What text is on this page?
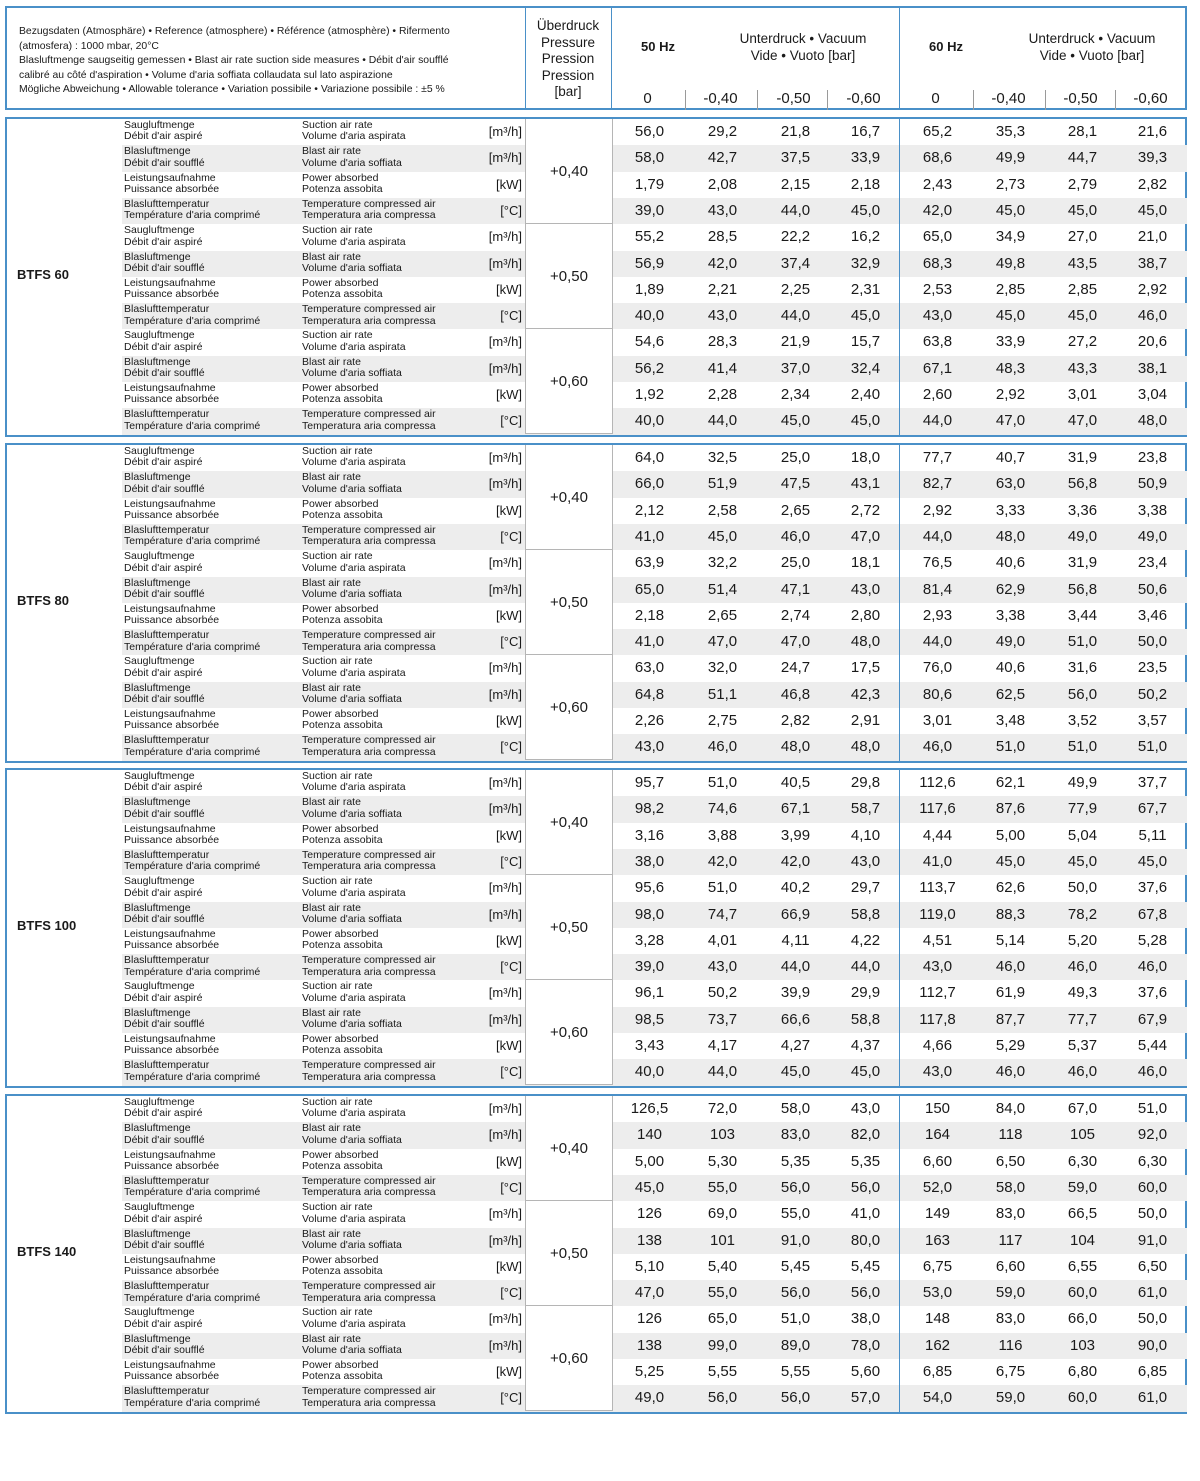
Bezugsdaten (Atmosphäre) • Reference (atmosphere) • Référence (atmosphère) • Rifermento
(atmosfera) : 1000 mbar, 20°C
Blasluftmenge saugseitig gemessen • Blast air rate suction side measures • Débit d'air soufflé
calibré au côté d'aspiration • Volume d'aria soffiata collaudata sul lato aspirazione
Mögliche Abweichung • Allowable tolerance • Variation possibile • Variazione possibile : ±5 %
Überdruck
Pressure
Pression
Pression
[bar]
50 Hz
Unterdruck • Vacuum
Vide • Vuoto [bar]
60 Hz
Unterdruck • Vacuum
Vide • Vuoto [bar]
0	-0,40	-0,50	-0,60	0	-0,40	-0,50	-0,60
BTFS 60
Saugluftmenge
Débit d'air aspiré
Suction air rate
Volume d'aria aspirata	[m³/h]	56,0	29,2	21,8	16,7	65,2	35,3	28,1	21,6
Blasluftmenge
Débit d'air soufflé
Blast air rate
Volume d'aria soffiata	[m³/h]	58,0	42,7	37,5	33,9	68,6	49,9	44,7	39,3
Leistungsaufnahme
Puissance absorbée
Power absorbed
Potenza assobita	[kW]	1,79	2,08	2,15	2,18	2,43	2,73	2,79	2,82
Blaslufttemperatur
Température d'aria comprimé
Temperature compressed air
Temperatura aria compressa	[°C]	39,0	43,0	44,0	45,0	42,0	45,0	45,0	45,0
+0,40
Saugluftmenge
Débit d'air aspiré
Suction air rate
Volume d'aria aspirata	[m³/h]	55,2	28,5	22,2	16,2	65,0	34,9	27,0	21,0
Blasluftmenge
Débit d'air soufflé
Blast air rate
Volume d'aria soffiata	[m³/h]	56,9	42,0	37,4	32,9	68,3	49,8	43,5	38,7
Leistungsaufnahme
Puissance absorbée
Power absorbed
Potenza assobita	[kW]	1,89	2,21	2,25	2,31	2,53	2,85	2,85	2,92
Blaslufttemperatur
Température d'aria comprimé
Temperature compressed air
Temperatura aria compressa	[°C]	40,0	43,0	44,0	45,0	43,0	45,0	45,0	46,0
+0,50
Saugluftmenge
Débit d'air aspiré
Suction air rate
Volume d'aria aspirata	[m³/h]	54,6	28,3	21,9	15,7	63,8	33,9	27,2	20,6
Blasluftmenge
Débit d'air soufflé
Blast air rate
Volume d'aria soffiata	[m³/h]	56,2	41,4	37,0	32,4	67,1	48,3	43,3	38,1
Leistungsaufnahme
Puissance absorbée
Power absorbed
Potenza assobita	[kW]	1,92	2,28	2,34	2,40	2,60	2,92	3,01	3,04
Blaslufttemperatur
Température d'aria comprimé
Temperature compressed air
Temperatura aria compressa	[°C]	40,0	44,0	45,0	45,0	44,0	47,0	47,0	48,0
+0,60
BTFS 80
Saugluftmenge
Débit d'air aspiré
Suction air rate
Volume d'aria aspirata	[m³/h]	64,0	32,5	25,0	18,0	77,7	40,7	31,9	23,8
Blasluftmenge
Débit d'air soufflé
Blast air rate
Volume d'aria soffiata	[m³/h]	66,0	51,9	47,5	43,1	82,7	63,0	56,8	50,9
Leistungsaufnahme
Puissance absorbée
Power absorbed
Potenza assobita	[kW]	2,12	2,58	2,65	2,72	2,92	3,33	3,36	3,38
Blaslufttemperatur
Température d'aria comprimé
Temperature compressed air
Temperatura aria compressa	[°C]	41,0	45,0	46,0	47,0	44,0	48,0	49,0	49,0
+0,40
Saugluftmenge
Débit d'air aspiré
Suction air rate
Volume d'aria aspirata	[m³/h]	63,9	32,2	25,0	18,1	76,5	40,6	31,9	23,4
Blasluftmenge
Débit d'air soufflé
Blast air rate
Volume d'aria soffiata	[m³/h]	65,0	51,4	47,1	43,0	81,4	62,9	56,8	50,6
Leistungsaufnahme
Puissance absorbée
Power absorbed
Potenza assobita	[kW]	2,18	2,65	2,74	2,80	2,93	3,38	3,44	3,46
Blaslufttemperatur
Température d'aria comprimé
Temperature compressed air
Temperatura aria compressa	[°C]	41,0	47,0	47,0	48,0	44,0	49,0	51,0	50,0
+0,50
Saugluftmenge
Débit d'air aspiré
Suction air rate
Volume d'aria aspirata	[m³/h]	63,0	32,0	24,7	17,5	76,0	40,6	31,6	23,5
Blasluftmenge
Débit d'air soufflé
Blast air rate
Volume d'aria soffiata	[m³/h]	64,8	51,1	46,8	42,3	80,6	62,5	56,0	50,2
Leistungsaufnahme
Puissance absorbée
Power absorbed
Potenza assobita	[kW]	2,26	2,75	2,82	2,91	3,01	3,48	3,52	3,57
Blaslufttemperatur
Température d'aria comprimé
Temperature compressed air
Temperatura aria compressa	[°C]	43,0	46,0	48,0	48,0	46,0	51,0	51,0	51,0
+0,60
BTFS 100
Saugluftmenge
Débit d'air aspiré
Suction air rate
Volume d'aria aspirata	[m³/h]	95,7	51,0	40,5	29,8	112,6	62,1	49,9	37,7
Blasluftmenge
Débit d'air soufflé
Blast air rate
Volume d'aria soffiata	[m³/h]	98,2	74,6	67,1	58,7	117,6	87,6	77,9	67,7
Leistungsaufnahme
Puissance absorbée
Power absorbed
Potenza assobita	[kW]	3,16	3,88	3,99	4,10	4,44	5,00	5,04	5,11
Blaslufttemperatur
Température d'aria comprimé
Temperature compressed air
Temperatura aria compressa	[°C]	38,0	42,0	42,0	43,0	41,0	45,0	45,0	45,0
+0,40
Saugluftmenge
Débit d'air aspiré
Suction air rate
Volume d'aria aspirata	[m³/h]	95,6	51,0	40,2	29,7	113,7	62,6	50,0	37,6
Blasluftmenge
Débit d'air soufflé
Blast air rate
Volume d'aria soffiata	[m³/h]	98,0	74,7	66,9	58,8	119,0	88,3	78,2	67,8
Leistungsaufnahme
Puissance absorbée
Power absorbed
Potenza assobita	[kW]	3,28	4,01	4,11	4,22	4,51	5,14	5,20	5,28
Blaslufttemperatur
Température d'aria comprimé
Temperature compressed air
Temperatura aria compressa	[°C]	39,0	43,0	44,0	44,0	43,0	46,0	46,0	46,0
+0,50
Saugluftmenge
Débit d'air aspiré
Suction air rate
Volume d'aria aspirata	[m³/h]	96,1	50,2	39,9	29,9	112,7	61,9	49,3	37,6
Blasluftmenge
Débit d'air soufflé
Blast air rate
Volume d'aria soffiata	[m³/h]	98,5	73,7	66,6	58,8	117,8	87,7	77,7	67,9
Leistungsaufnahme
Puissance absorbée
Power absorbed
Potenza assobita	[kW]	3,43	4,17	4,27	4,37	4,66	5,29	5,37	5,44
Blaslufttemperatur
Température d'aria comprimé
Temperature compressed air
Temperatura aria compressa	[°C]	40,0	44,0	45,0	45,0	43,0	46,0	46,0	46,0
+0,60
BTFS 140
Saugluftmenge
Débit d'air aspiré
Suction air rate
Volume d'aria aspirata	[m³/h]	126,5	72,0	58,0	43,0	150	84,0	67,0	51,0
Blasluftmenge
Débit d'air soufflé
Blast air rate
Volume d'aria soffiata	[m³/h]	140	103	83,0	82,0	164	118	105	92,0
Leistungsaufnahme
Puissance absorbée
Power absorbed
Potenza assobita	[kW]	5,00	5,30	5,35	5,35	6,60	6,50	6,30	6,30
Blaslufttemperatur
Température d'aria comprimé
Temperature compressed air
Temperatura aria compressa	[°C]	45,0	55,0	56,0	56,0	52,0	58,0	59,0	60,0
+0,40
Saugluftmenge
Débit d'air aspiré
Suction air rate
Volume d'aria aspirata	[m³/h]	126	69,0	55,0	41,0	149	83,0	66,5	50,0
Blasluftmenge
Débit d'air soufflé
Blast air rate
Volume d'aria soffiata	[m³/h]	138	101	91,0	80,0	163	117	104	91,0
Leistungsaufnahme
Puissance absorbée
Power absorbed
Potenza assobita	[kW]	5,10	5,40	5,45	5,45	6,75	6,60	6,55	6,50
Blaslufttemperatur
Température d'aria comprimé
Temperature compressed air
Temperatura aria compressa	[°C]	47,0	55,0	56,0	56,0	53,0	59,0	60,0	61,0
+0,50
Saugluftmenge
Débit d'air aspiré
Suction air rate
Volume d'aria aspirata	[m³/h]	126	65,0	51,0	38,0	148	83,0	66,0	50,0
Blasluftmenge
Débit d'air soufflé
Blast air rate
Volume d'aria soffiata	[m³/h]	138	99,0	89,0	78,0	162	116	103	90,0
Leistungsaufnahme
Puissance absorbée
Power absorbed
Potenza assobita	[kW]	5,25	5,55	5,55	5,60	6,85	6,75	6,80	6,85
Blaslufttemperatur
Température d'aria comprimé
Temperature compressed air
Temperatura aria compressa	[°C]	49,0	56,0	56,0	57,0	54,0	59,0	60,0	61,0
+0,60
